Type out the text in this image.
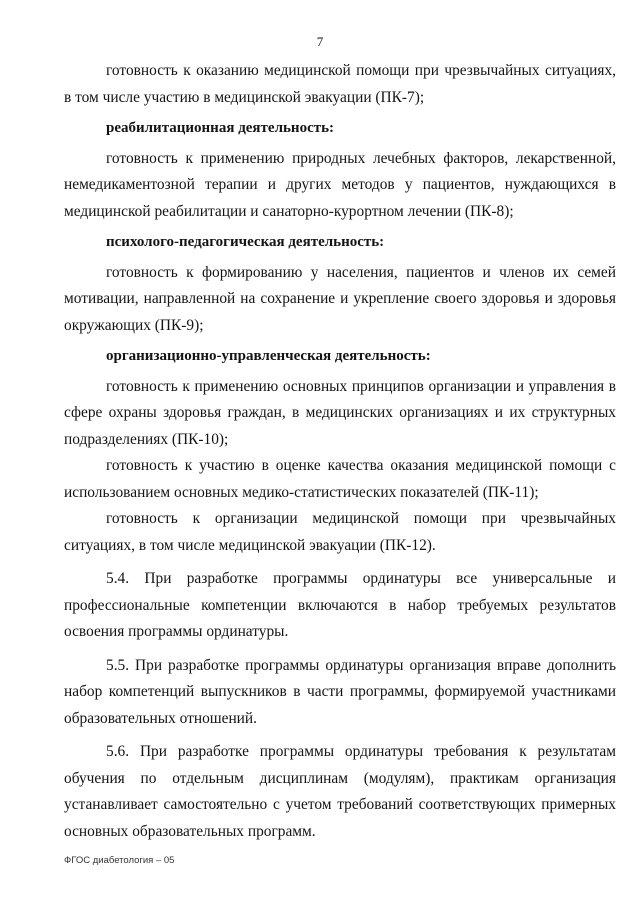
7

готовность к оказанию медицинской помощи при чрезвычайных ситуациях, в том числе участию в медицинской эвакуации (ПК-7);

реабилитационная деятельность:

готовность к применению природных лечебных факторов, лекарственной, немедикаментозной терапии и других методов у пациентов, нуждающихся в медицинской реабилитации и санаторно-курортном лечении (ПК-8);

психолого-педагогическая деятельность:

готовность к формированию у населения, пациентов и членов их семей мотивации, направленной на сохранение и укрепление своего здоровья и здоровья окружающих (ПК-9);

организационно-управленческая деятельность:

готовность к применению основных принципов организации и управления в сфере охраны здоровья граждан, в медицинских организациях и их структурных подразделениях (ПК-10);

готовность к участию в оценке качества оказания медицинской помощи с использованием основных медико-статистических показателей (ПК-11);

готовность к организации медицинской помощи при чрезвычайных ситуациях, в том числе медицинской эвакуации (ПК-12).

5.4. При разработке программы ординатуры все универсальные и профессиональные компетенции включаются в набор требуемых результатов освоения программы ординатуры.

5.5. При разработке программы ординатуры организация вправе дополнить набор компетенций выпускников в части программы, формируемой участниками образовательных отношений.

5.6. При разработке программы ординатуры требования к результатам обучения по отдельным дисциплинам (модулям), практикам организация устанавливает самостоятельно с учетом требований соответствующих примерных основных образовательных программ.

ФГОС диабетология – 05
